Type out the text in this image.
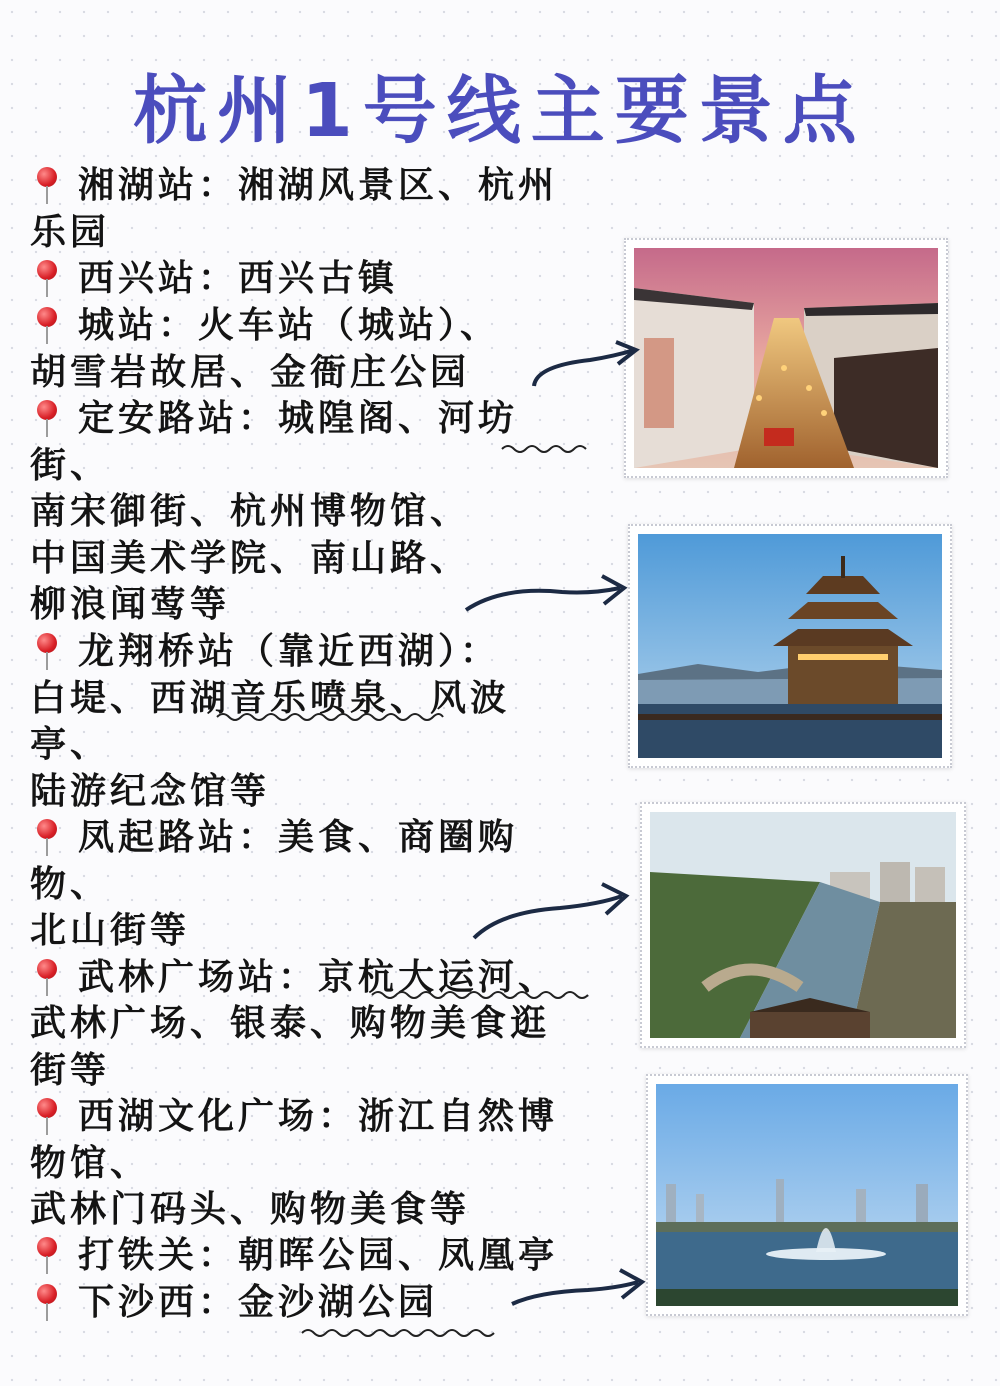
杭州1号线主要景点
湘湖站：湘湖风景区、杭州
乐园
西兴站：西兴古镇
城站：火车站（城站）、
胡雪岩故居、金衙庄公园
定安路站：城隍阁、河坊
街、
南宋御街、杭州博物馆、
中国美术学院、南山路、
柳浪闻莺等
龙翔桥站（靠近西湖）：
白堤、西湖音乐喷泉、风波
亭、
陆游纪念馆等
凤起路站：美食、商圈购
物、
北山街等
武林广场站：京杭大运河、
武林广场、银泰、购物美食逛
街等
西湖文化广场：浙江自然博
物馆、
武林门码头、购物美食等
打铁关：朝晖公园、凤凰亭
下沙西：金沙湖公园
